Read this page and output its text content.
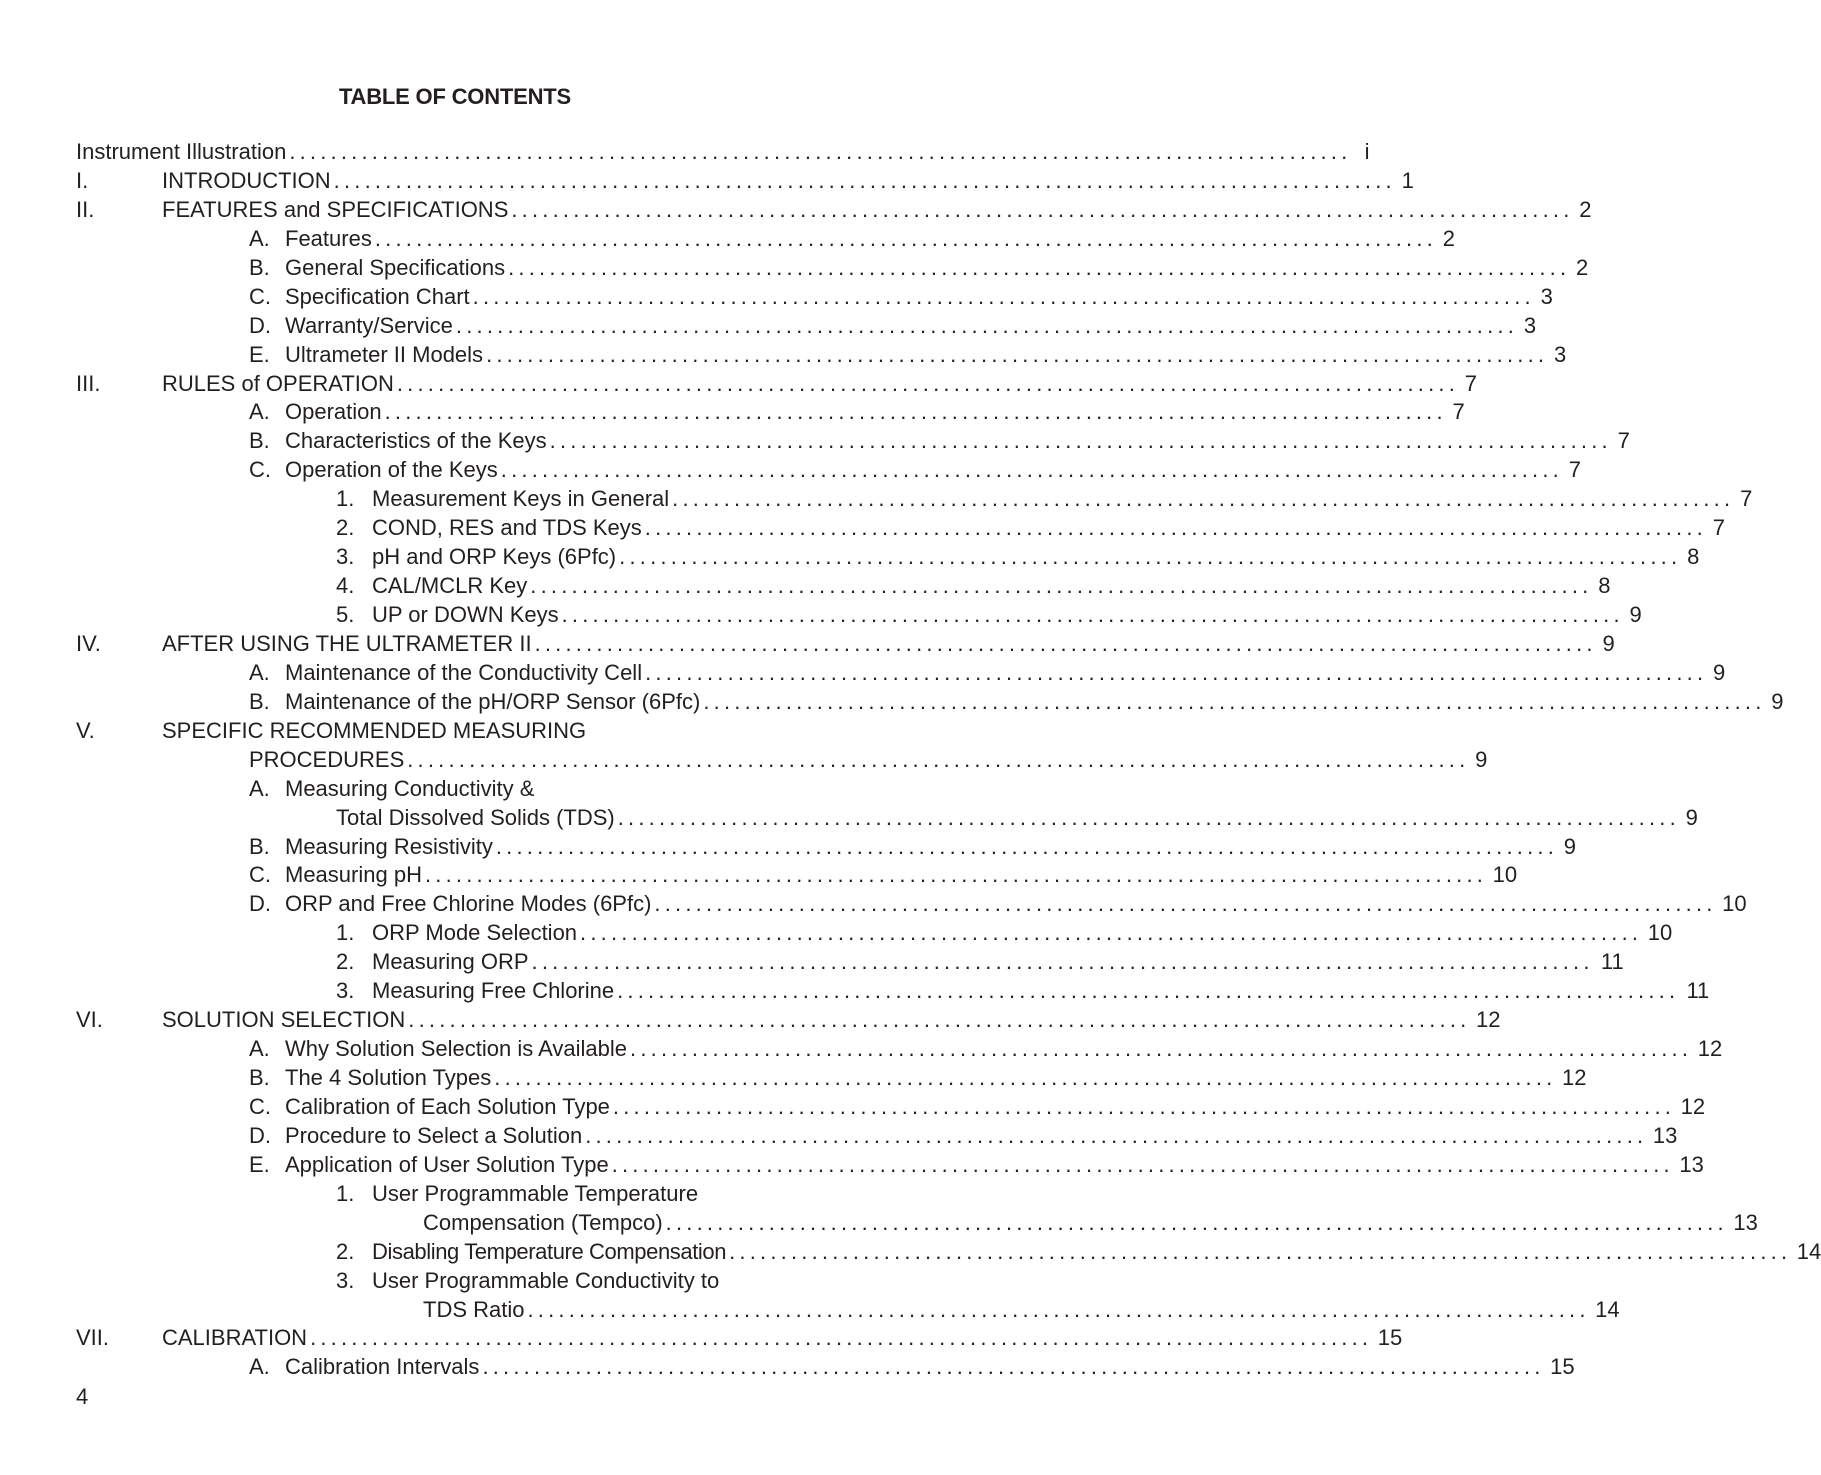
TABLE OF CONTENTS
Instrument Illustration ....................................................................................................... i
I.	INTRODUCTION ....................................................................................................... 1
II.	FEATURES and SPECIFICATIONS ....................................................................................................... 2
A. Features ....................................................................................................... 2
B. General Specifications ....................................................................................................... 2
C. Specification Chart ....................................................................................................... 3
D. Warranty/Service ....................................................................................................... 3
E. Ultrameter II Models ....................................................................................................... 3
III.	RULES of OPERATION ....................................................................................................... 7
A. Operation ....................................................................................................... 7
B. Characteristics of the Keys ....................................................................................................... 7
C. Operation of the Keys ....................................................................................................... 7
1. Measurement Keys in General ....................................................................................................... 7
2. COND, RES and TDS Keys ....................................................................................................... 7
3. pH and ORP Keys (6Pfc) ....................................................................................................... 8
4. CAL/MCLR Key ....................................................................................................... 8
5. UP or DOWN Keys ....................................................................................................... 9
IV.	AFTER USING THE ULTRAMETER II ....................................................................................................... 9
A. Maintenance of the Conductivity Cell ....................................................................................................... 9
B. Maintenance of the pH/ORP Sensor (6Pfc) ....................................................................................................... 9
V.	SPECIFIC RECOMMENDED MEASURING
PROCEDURES ....................................................................................................... 9
A. Measuring Conductivity &
Total Dissolved Solids (TDS) ....................................................................................................... 9
B. Measuring Resistivity ....................................................................................................... 9
C. Measuring pH ....................................................................................................... 10
D. ORP and Free Chlorine Modes (6Pfc) ....................................................................................................... 10
1. ORP Mode Selection ....................................................................................................... 10
2. Measuring ORP ....................................................................................................... 11
3. Measuring Free Chlorine ....................................................................................................... 11
VI.	SOLUTION SELECTION ....................................................................................................... 12
A. Why Solution Selection is Available ....................................................................................................... 12
B. The 4 Solution Types ....................................................................................................... 12
C. Calibration of Each Solution Type ....................................................................................................... 12
D. Procedure to Select a Solution ....................................................................................................... 13
E. Application of User Solution Type ....................................................................................................... 13
1. User Programmable Temperature
Compensation (Tempco) ....................................................................................................... 13
2. Disabling Temperature Compensation ....................................................................................................... 14
3. User Programmable Conductivity to
TDS Ratio ....................................................................................................... 14
VII. CALIBRATION ....................................................................................................... 15
A. Calibration Intervals ....................................................................................................... 15
4
